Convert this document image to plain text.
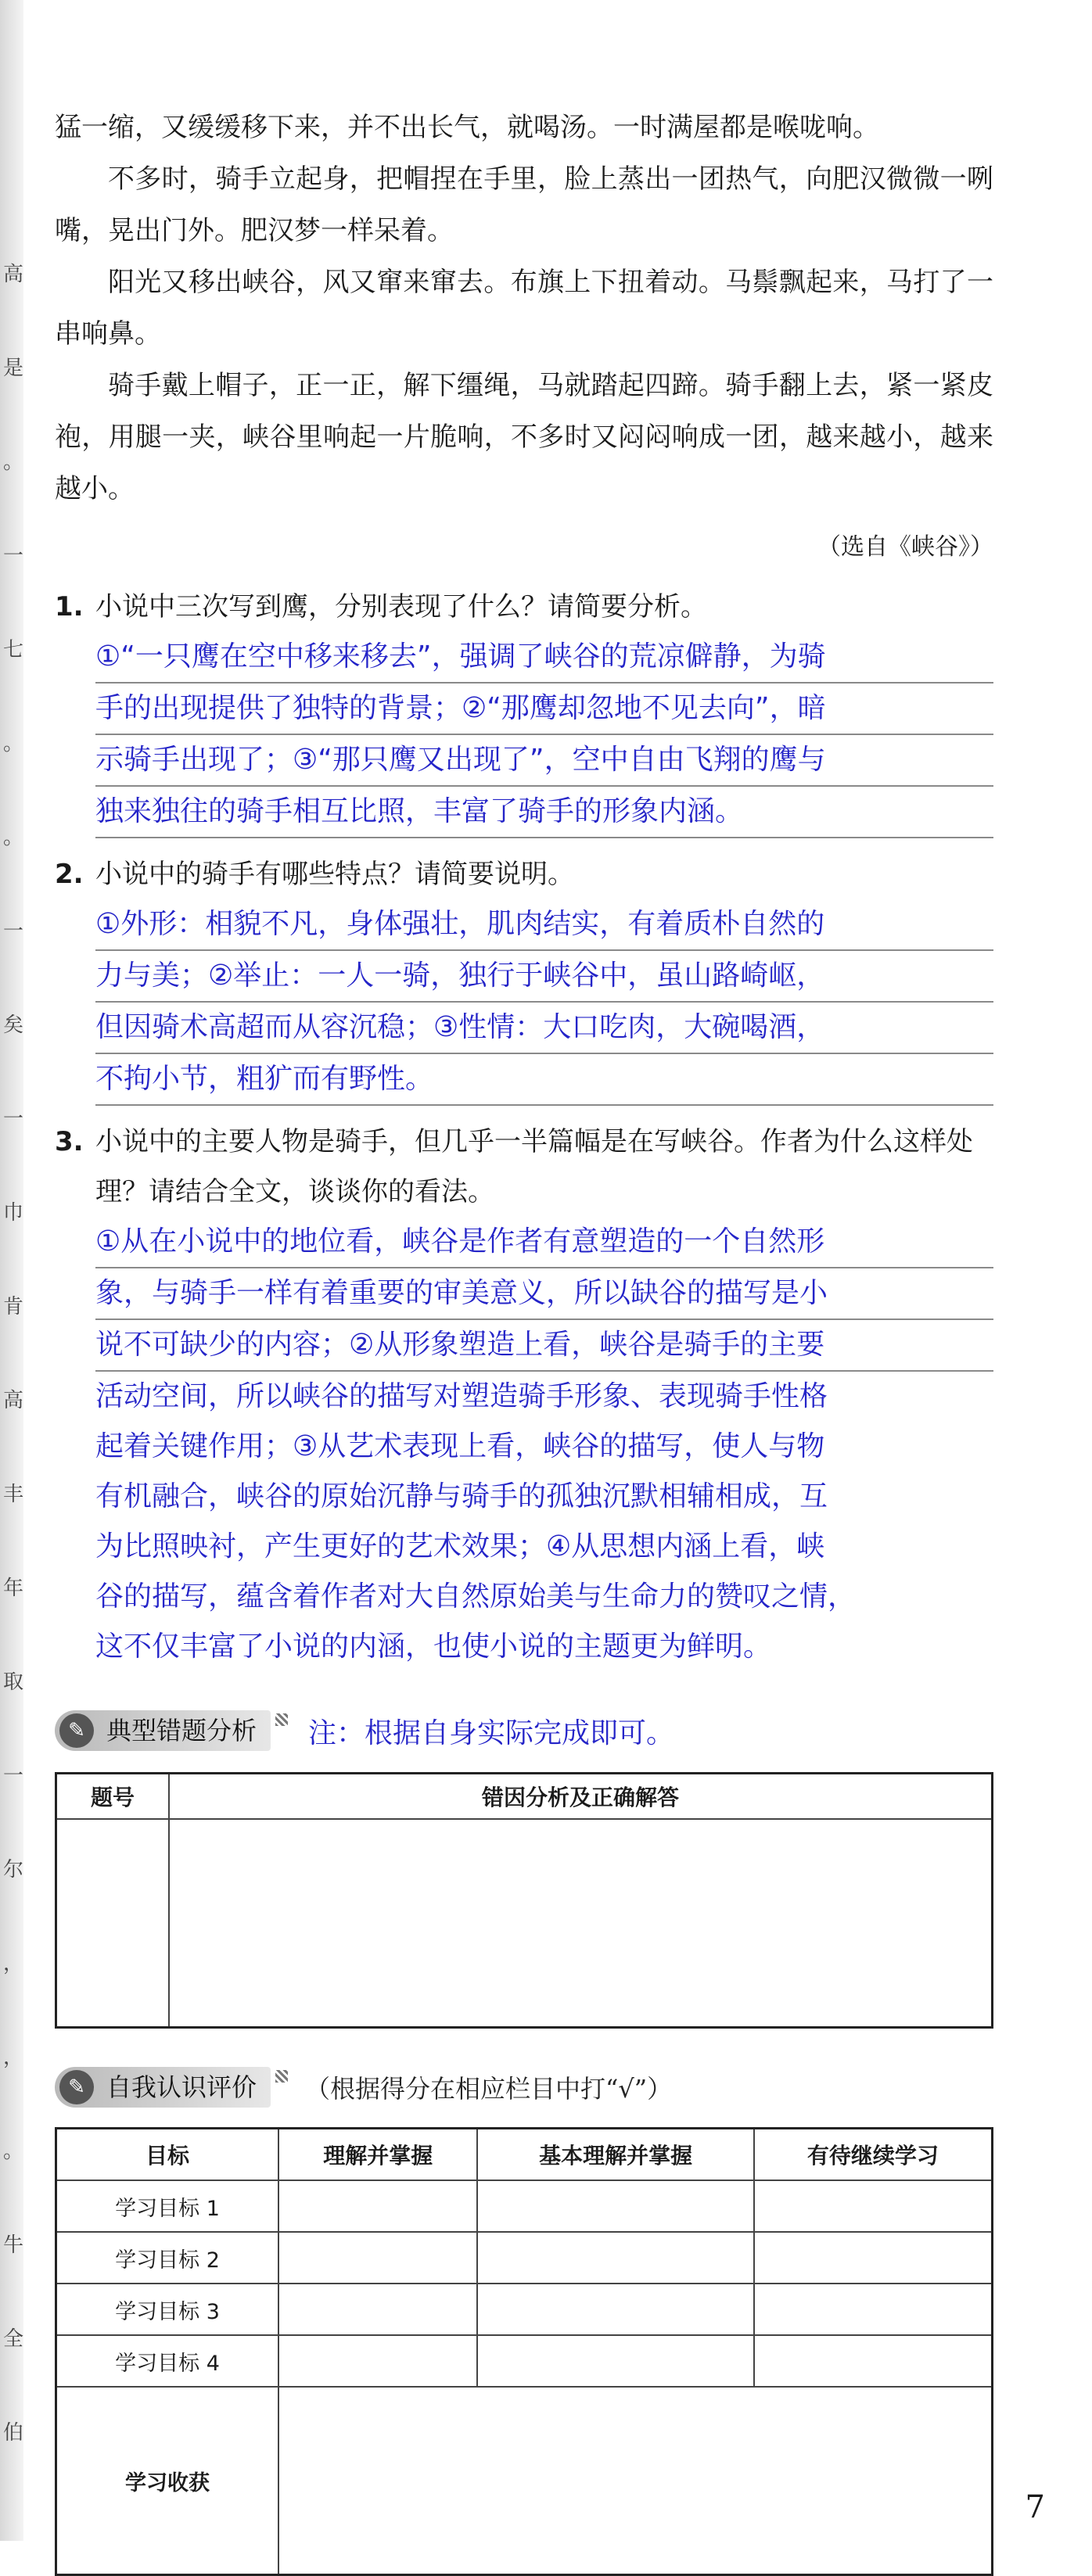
高
是
。
一
七
。
。
一
矣
一
巾
肯
高
丰
年
取
一
尔
，
，
。
牛
全
伯

猛一缩，又缓缓移下来，并不出长气，就喝汤。一时满屋都是喉咙响。

不多时，骑手立起身，把帽捏在手里，脸上蒸出一团热气，向肥汉微微一咧嘴，晃出门外。肥汉梦一样呆着。

阳光又移出峡谷，风又窜来窜去。布旗上下扭着动。马鬃飘起来，马打了一串响鼻。

骑手戴上帽子，正一正，解下缰绳，马就踏起四蹄。骑手翻上去，紧一紧皮袍，用腿一夹，峡谷里响起一片脆响，不多时又闷闷响成一团，越来越小，越来越小。

（选自《峡谷》）
1. 小说中三次写到鹰，分别表现了什么？请简要分析。
①“一只鹰在空中移来移去”，强调了峡谷的荒凉僻静，为骑
手的出现提供了独特的背景；②“那鹰却忽地不见去向”，暗
示骑手出现了；③“那只鹰又出现了”，空中自由飞翔的鹰与
独来独往的骑手相互比照，丰富了骑手的形象内涵。
2. 小说中的骑手有哪些特点？请简要说明。
①外形：相貌不凡，身体强壮，肌肉结实，有着质朴自然的
力与美；②举止：一人一骑，独行于峡谷中，虽山路崎岖，
但因骑术高超而从容沉稳；③性情：大口吃肉，大碗喝酒，
不拘小节，粗犷而有野性。
3. 小说中的主要人物是骑手，但几乎一半篇幅是在写峡谷。作者为什么这样处理？请结合全文，谈谈你的看法。
①从在小说中的地位看，峡谷是作者有意塑造的一个自然形
象，与骑手一样有着重要的审美意义，所以缺谷的描写是小
说不可缺少的内容；②从形象塑造上看，峡谷是骑手的主要
活动空间，所以峡谷的描写对塑造骑手形象、表现骑手性格
起着关键作用；③从艺术表现上看，峡谷的描写，使人与物
有机融合，峡谷的原始沉静与骑手的孤独沉默相辅相成，互
为比照映衬，产生更好的艺术效果；④从思想内涵上看，峡
谷的描写，蕴含着作者对大自然原始美与生命力的赞叹之情，
这不仅丰富了小说的内涵，也使小说的主题更为鲜明。
✎ 典型错题分析	注：根据自身实际完成即可。
题号	错因分析及正确解答

✎ 自我认识评价	（根据得分在相应栏目中打“√”）
目标	理解并掌握	基本理解并掌握	有待继续学习
学习目标 1			
学习目标 2			
学习目标 3			
学习目标 4			
学习收获			
7
